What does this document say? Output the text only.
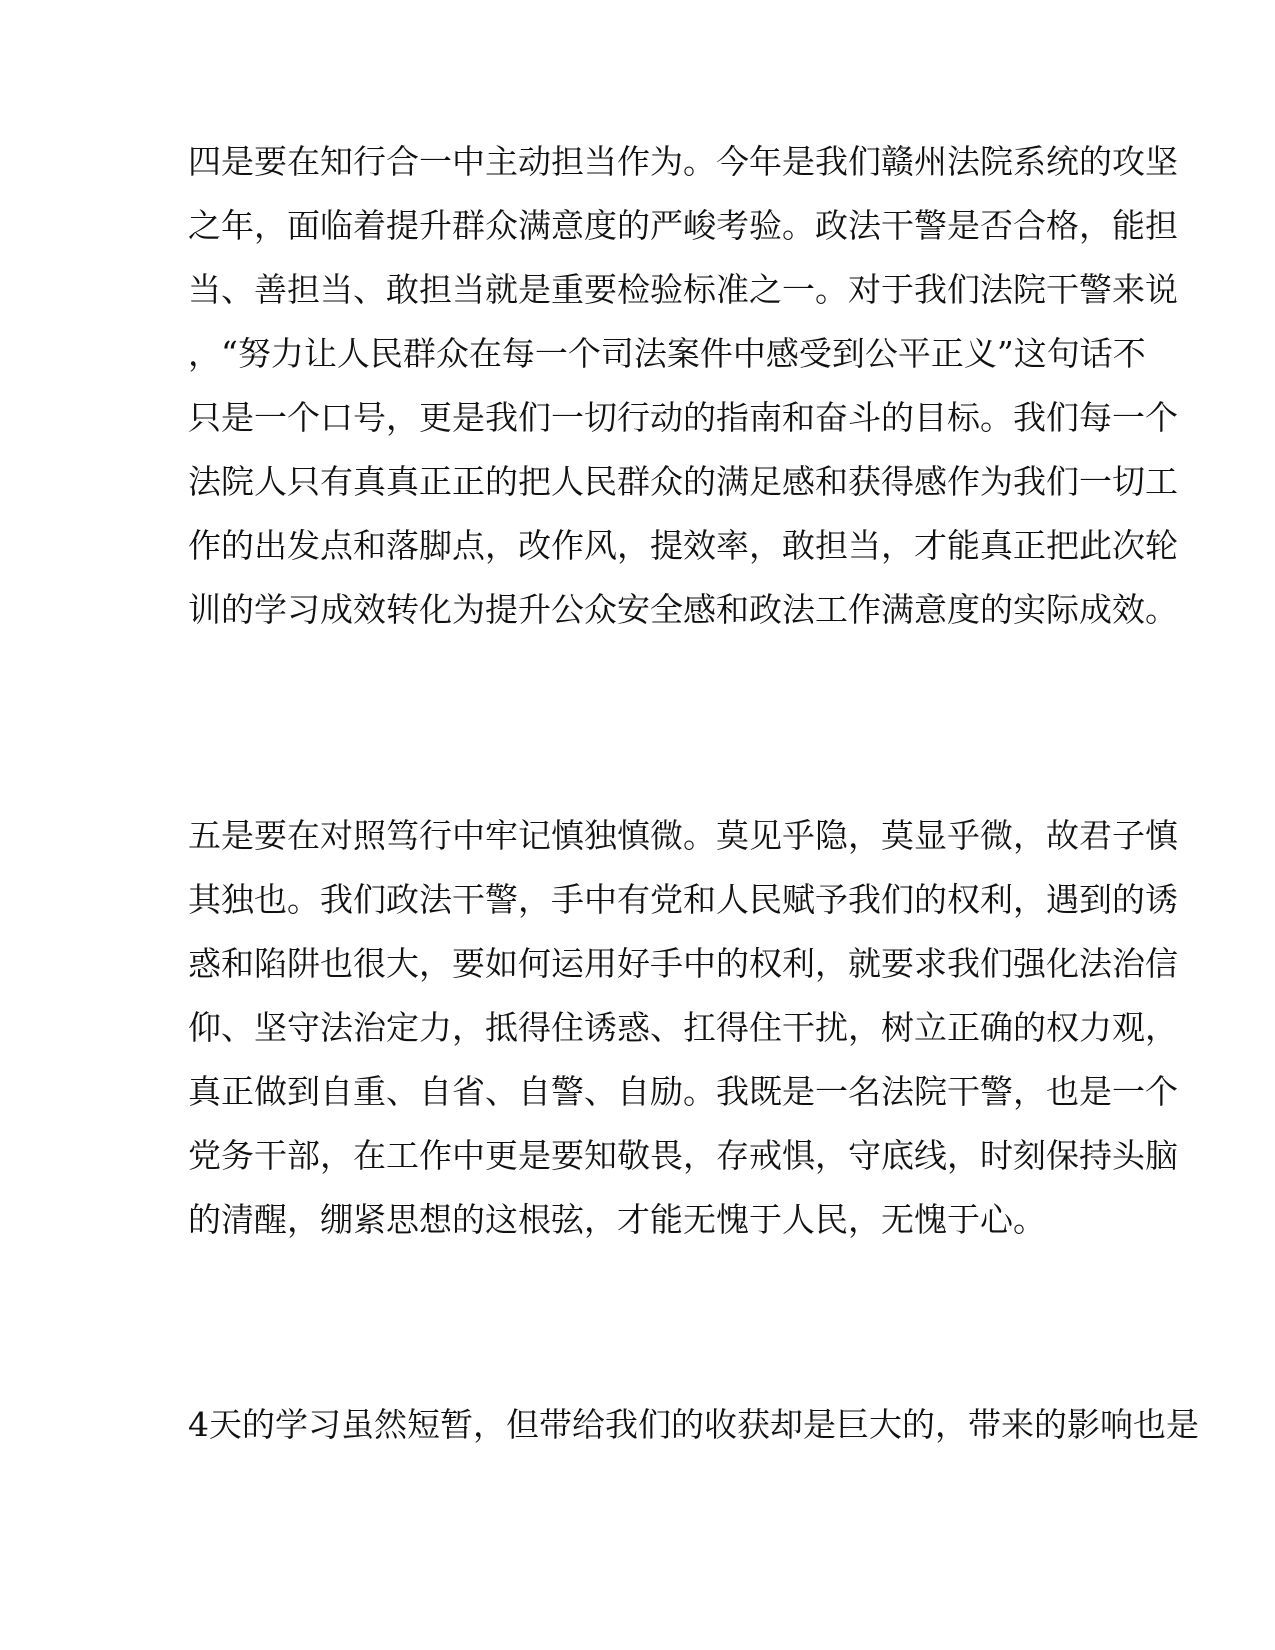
四是要在知行合一中主动担当作为。今年是我们赣州法院系统的攻坚
之年，面临着提升群众满意度的严峻考验。政法干警是否合格，能担
当、善担当、敢担当就是重要检验标准之一。对于我们法院干警来说
，“努力让人民群众在每一个司法案件中感受到公平正义”这句话不
只是一个口号，更是我们一切行动的指南和奋斗的目标。我们每一个
法院人只有真真正正的把人民群众的满足感和获得感作为我们一切工
作的出发点和落脚点，改作风，提效率，敢担当，才能真正把此次轮
训的学习成效转化为提升公众安全感和政法工作满意度的实际成效。
五是要在对照笃行中牢记慎独慎微。莫见乎隐，莫显乎微，故君子慎
其独也。我们政法干警，手中有党和人民赋予我们的权利，遇到的诱
惑和陷阱也很大，要如何运用好手中的权利，就要求我们强化法治信
仰、坚守法治定力，抵得住诱惑、扛得住干扰，树立正确的权力观，
真正做到自重、自省、自警、自励。我既是一名法院干警，也是一个
党务干部，在工作中更是要知敬畏，存戒惧，守底线，时刻保持头脑
的清醒，绷紧思想的这根弦，才能无愧于人民，无愧于心。
4天的学习虽然短暂，但带给我们的收获却是巨大的，带来的影响也是
